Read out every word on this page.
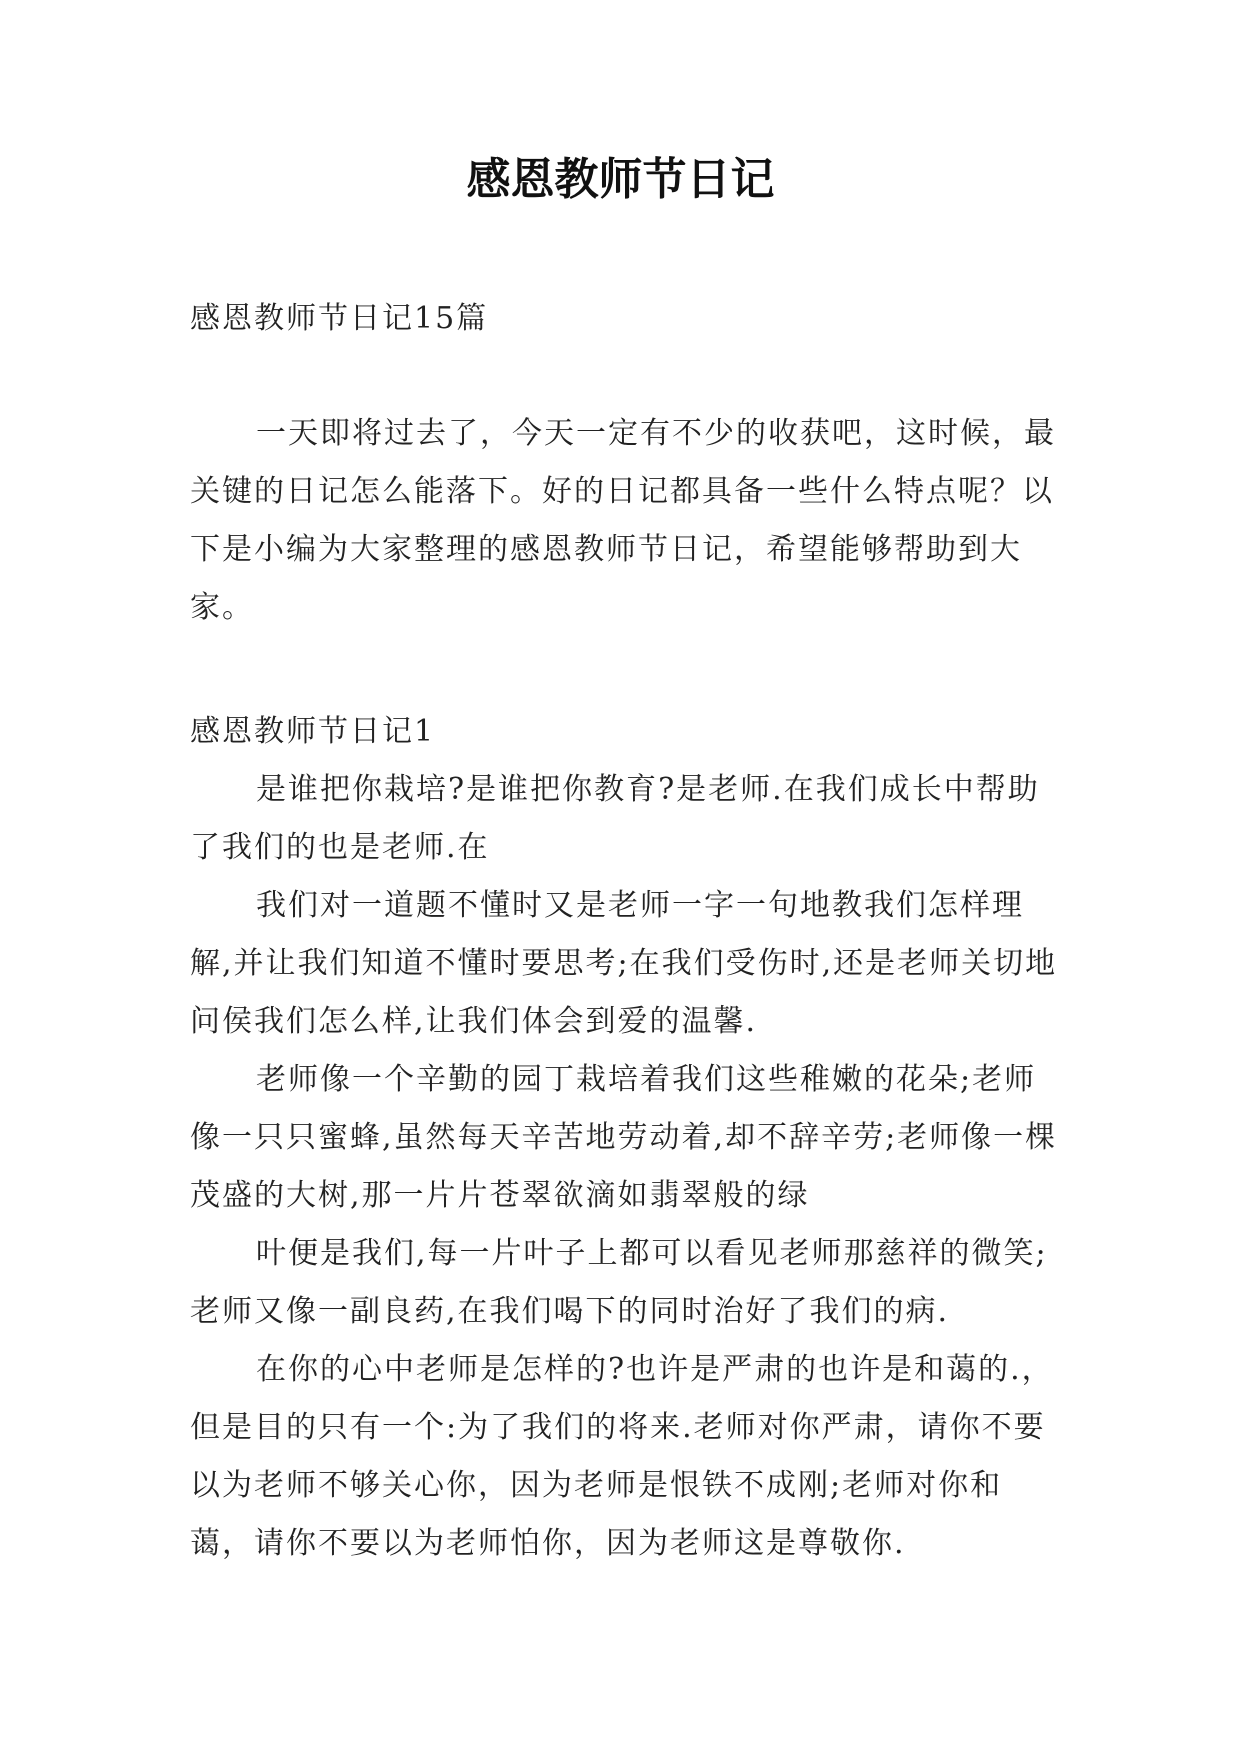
感恩教师节日记

感恩教师节日记15篇

一天即将过去了，今天一定有不少的收获吧，这时候，最关键的日记怎么能落下。好的日记都具备一些什么特点呢？以下是小编为大家整理的感恩教师节日记，希望能够帮助到大家。

感恩教师节日记1

是谁把你栽培?是谁把你教育?是老师.在我们成长中帮助了我们的也是老师.在

我们对一道题不懂时又是老师一字一句地教我们怎样理解,并让我们知道不懂时要思考;在我们受伤时,还是老师关切地问侯我们怎么样,让我们体会到爱的温馨.

老师像一个辛勤的园丁栽培着我们这些稚嫩的花朵;老师像一只只蜜蜂,虽然每天辛苦地劳动着,却不辞辛劳;老师像一棵茂盛的大树,那一片片苍翠欲滴如翡翠般的绿

叶便是我们,每一片叶子上都可以看见老师那慈祥的微笑;老师又像一副良药,在我们喝下的同时治好了我们的病.

在你的心中老师是怎样的?也许是严肃的也许是和蔼的.，但是目的只有一个:为了我们的将来.老师对你严肃，请你不要以为老师不够关心你，因为老师是恨铁不成刚;老师对你和蔼，请你不要以为老师怕你，因为老师这是尊敬你.
